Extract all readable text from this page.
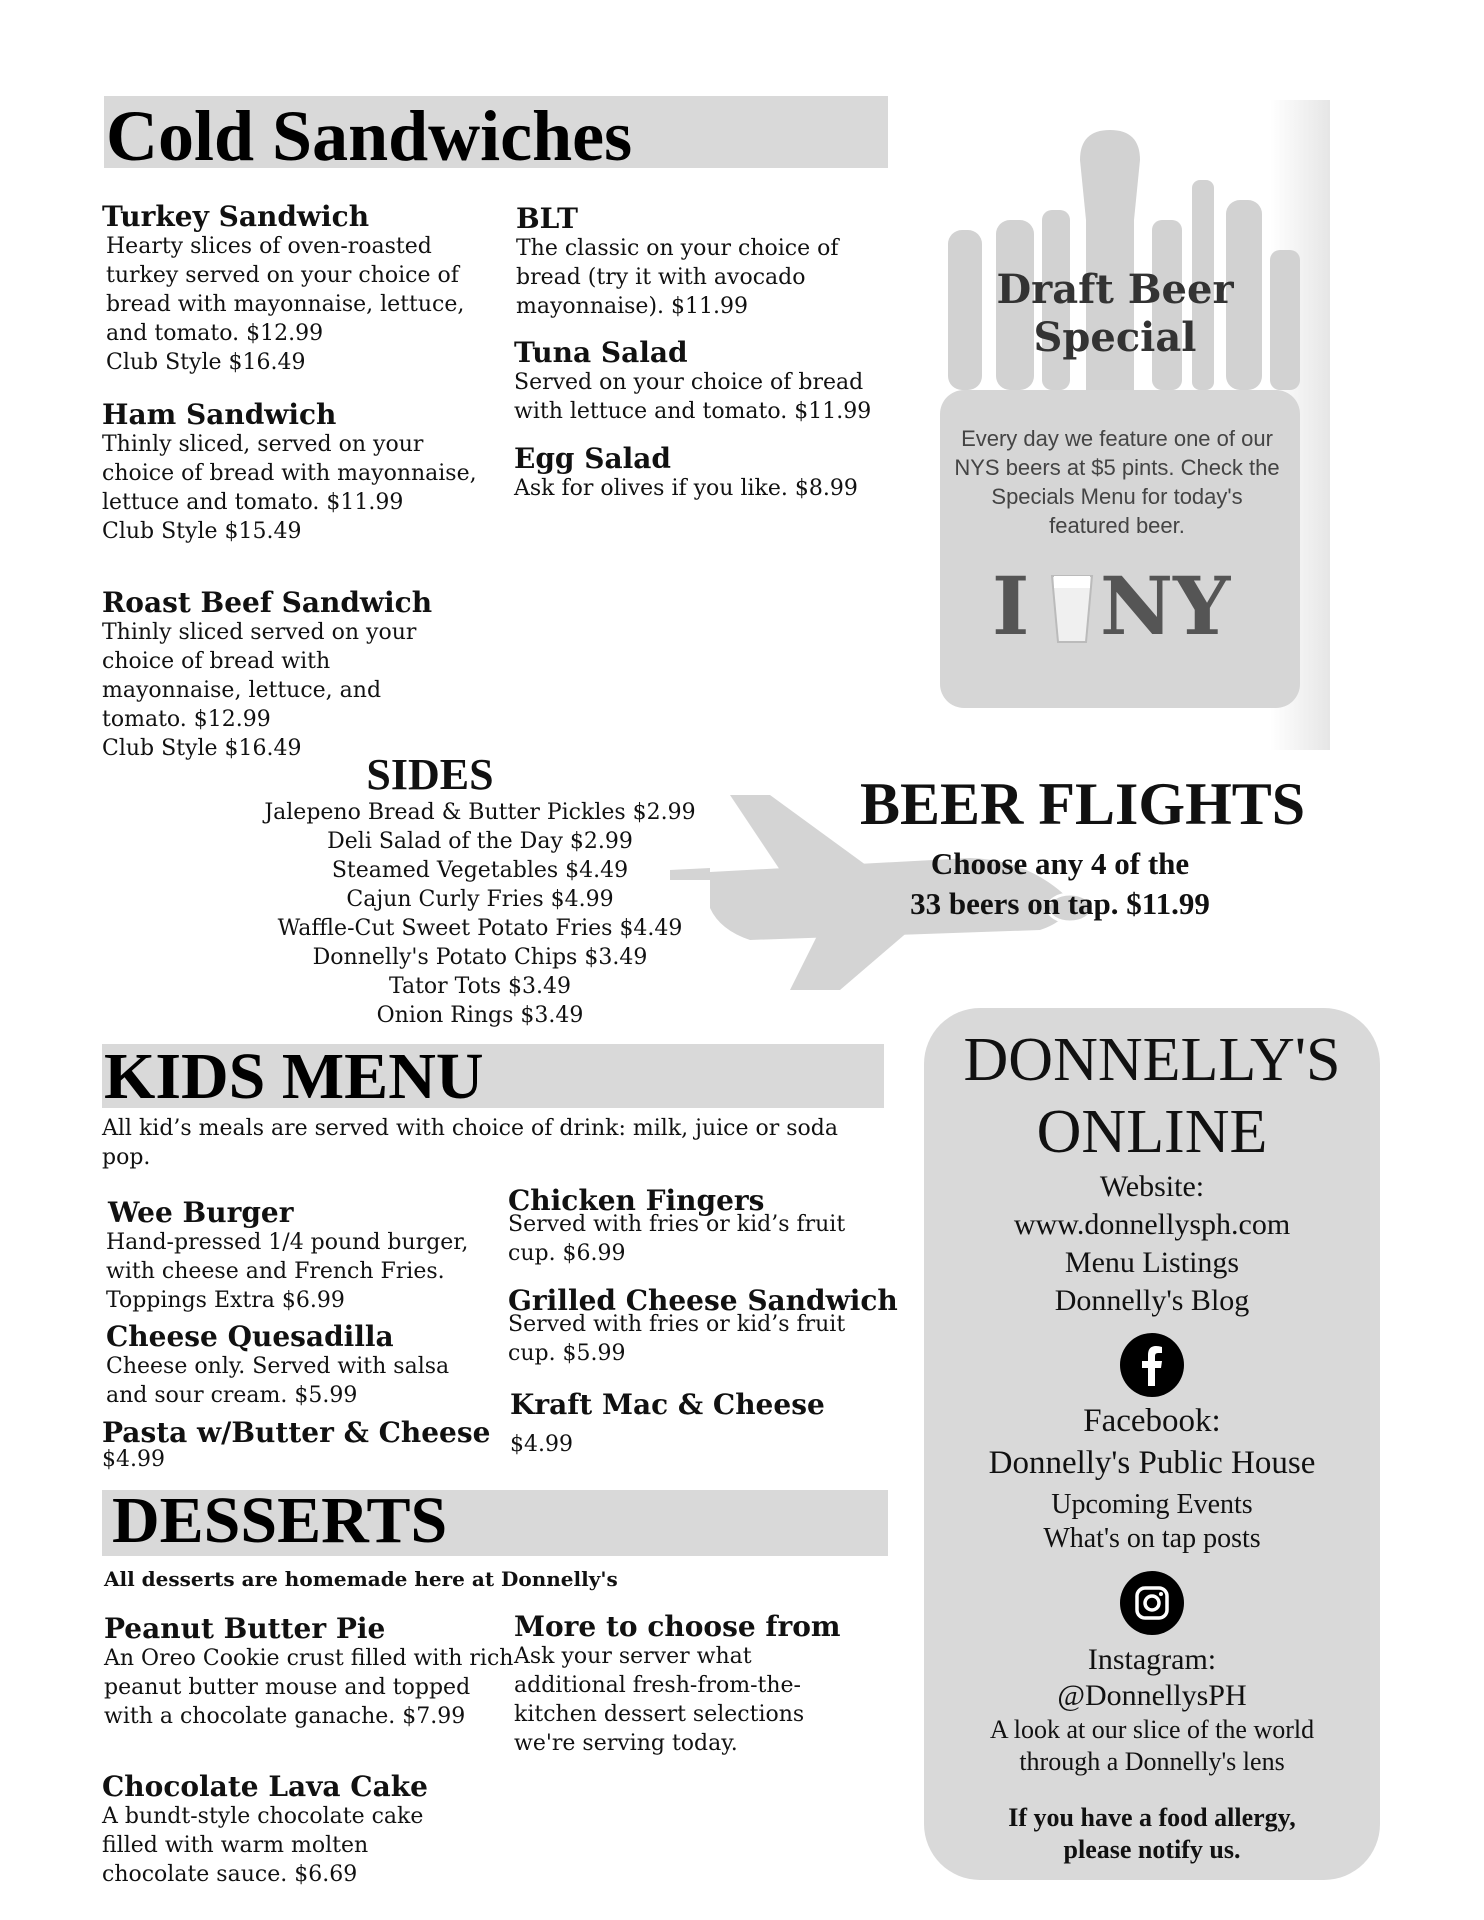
Cold Sandwiches
Turkey Sandwich
Hearty slices of oven-roasted turkey served on your choice of bread with mayonnaise, lettuce, and tomato. $12.99
Club Style $16.49
Ham Sandwich
Thinly sliced, served on your choice of bread with mayonnaise, lettuce and tomato. $11.99
Club Style $15.49
Roast Beef Sandwich
Thinly sliced served on your choice of bread with mayonnaise, lettuce, and tomato. $12.99
Club Style $16.49
BLT
The classic on your choice of bread (try it with avocado mayonnaise). $11.99
Tuna Salad
Served on your choice of bread with lettuce and tomato. $11.99
Egg Salad
Ask for olives if you like. $8.99
Draft Beer
Special
Every day we feature one of our NYS beers at $5 pints. Check the Specials Menu for today's featured beer.
I NY
SIDES
Jalepeno Bread & Butter Pickles $2.99
Deli Salad of the Day $2.99
Steamed Vegetables $4.49
Cajun Curly Fries $4.99
Waffle-Cut Sweet Potato Fries $4.49
Donnelly's Potato Chips $3.49
Tator Tots $3.49
Onion Rings $3.49
BEER FLIGHTS
Choose any 4 of the
33 beers on tap. $11.99
KIDS MENU
All kid’s meals are served with choice of drink: milk, juice or soda pop.
Wee Burger
Hand-pressed 1/4 pound burger, with cheese and French Fries. Toppings Extra $6.99
Cheese Quesadilla
Cheese only. Served with salsa and sour cream. $5.99
Pasta w/Butter & Cheese
$4.99
Chicken Fingers
Served with fries or kid’s fruit cup. $6.99
Grilled Cheese Sandwich
Served with fries or kid’s fruit cup. $5.99
Kraft Mac & Cheese
$4.99
DESSERTS
All desserts are homemade here at Donnelly's
Peanut Butter Pie
An Oreo Cookie crust filled with rich peanut butter mouse and topped with a chocolate ganache. $7.99
Chocolate Lava Cake
A bundt-style chocolate cake filled with warm molten chocolate sauce. $6.69
More to choose from
Ask your server what additional fresh-from-the-kitchen dessert selections we're serving today.
DONNELLY'S
ONLINE
Website:
www.donnellysph.com
Menu Listings
Donnelly's Blog
Facebook:
Donnelly's Public House
Upcoming Events
What's on tap posts
Instagram:
@DonnellysPH
A look at our slice of the world
through a Donnelly's lens
If you have a food allergy,
please notify us.
